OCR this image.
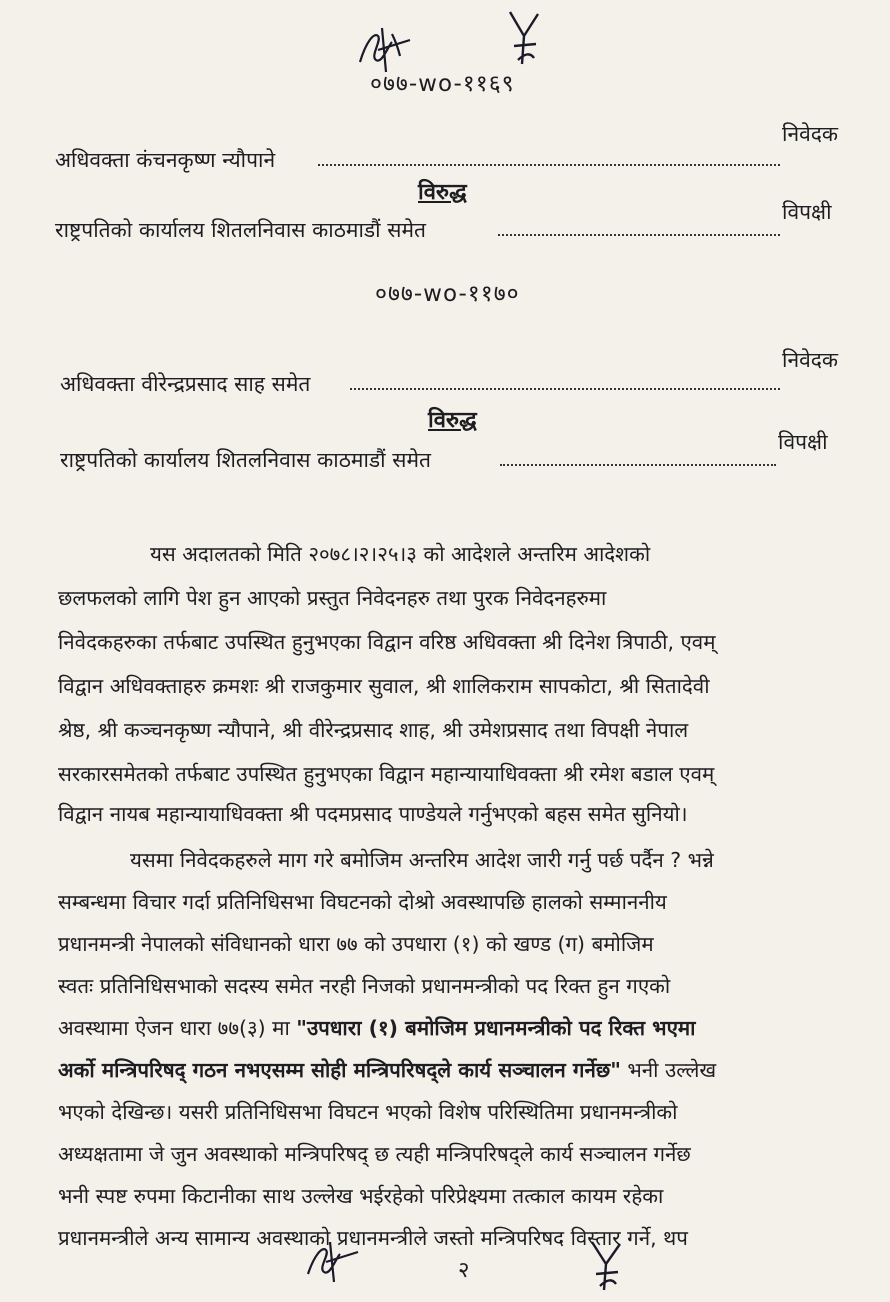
०७७-wo-११६९
अधिवक्ता कंचनकृष्ण न्यौपाने
निवेदक
विरुद्ध
राष्ट्रपतिको कार्यालय शितलनिवास काठमाडौं समेत
विपक्षी
०७७-wo-११७०
अधिवक्ता वीरेन्द्रप्रसाद साह समेत
निवेदक
विरुद्ध
राष्ट्रपतिको कार्यालय शितलनिवास काठमाडौं समेत
विपक्षी
यस अदालतको मिति २०७८।२।२५।३ को आदेशले अन्तरिम आदेशको
छलफलको लागि पेश हुन आएको प्रस्तुत निवेदनहरु तथा पुरक निवेदनहरुमा
निवेदकहरुका तर्फबाट उपस्थित हुनुभएका विद्वान वरिष्ठ अधिवक्ता श्री दिनेश त्रिपाठी, एवम्
विद्वान अधिवक्ताहरु क्रमशः श्री राजकुमार सुवाल, श्री शालिकराम सापकोटा, श्री सितादेवी
श्रेष्ठ, श्री कञ्चनकृष्ण न्यौपाने, श्री वीरेन्द्रप्रसाद शाह, श्री उमेशप्रसाद तथा विपक्षी नेपाल
सरकारसमेतको तर्फबाट उपस्थित हुनुभएका विद्वान महान्यायाधिवक्ता श्री रमेश बडाल एवम्
विद्वान नायब महान्यायाधिवक्ता श्री पदमप्रसाद पाण्डेयले गर्नुभएको बहस समेत सुनियो।
यसमा निवेदकहरुले माग गरे बमोजिम अन्तरिम आदेश जारी गर्नु पर्छ पर्दैन ? भन्ने
सम्बन्धमा विचार गर्दा प्रतिनिधिसभा विघटनको दोश्रो अवस्थापछि हालको सम्माननीय
प्रधानमन्त्री नेपालको संविधानको धारा ७७ को उपधारा (१) को खण्ड (ग) बमोजिम
स्वतः प्रतिनिधिसभाको सदस्य समेत नरही निजको प्रधानमन्त्रीको पद रिक्त हुन गएको
अवस्थामा ऐजन धारा ७७(३) मा "उपधारा (१) बमोजिम प्रधानमन्त्रीको पद रिक्त भएमा
अर्को मन्त्रिपरिषद् गठन नभएसम्म सोही मन्त्रिपरिषद्ले कार्य सञ्चालन गर्नेछ" भनी उल्लेख
भएको देखिन्छ। यसरी प्रतिनिधिसभा विघटन भएको विशेष परिस्थितिमा प्रधानमन्त्रीको
अध्यक्षतामा जे जुन अवस्थाको मन्त्रिपरिषद् छ त्यही मन्त्रिपरिषद्ले कार्य सञ्चालन गर्नेछ
भनी स्पष्ट रुपमा किटानीका साथ उल्लेख भईरहेको परिप्रेक्ष्यमा तत्काल कायम रहेका
प्रधानमन्त्रीले अन्य सामान्य अवस्थाको प्रधानमन्त्रीले जस्तो मन्त्रिपरिषद विस्तार गर्ने, थप
२
